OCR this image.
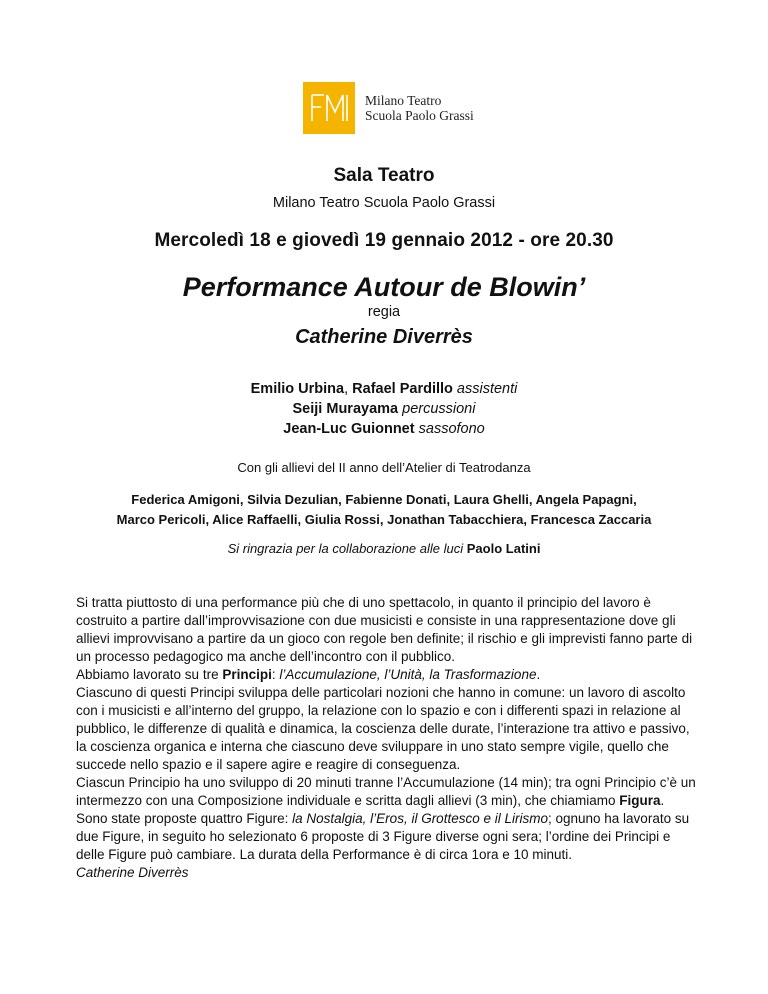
Milano Teatro
Scuola Paolo Grassi
Sala Teatro
Milano Teatro Scuola Paolo Grassi
Mercoledì 18 e giovedì 19 gennaio 2012 - ore 20.30
Performance Autour de Blowin’
regia
Catherine Diverrès
Emilio Urbina, Rafael Pardillo assistenti
Seiji Murayama percussioni
Jean-Luc Guionnet sassofono
Con gli allievi del II anno dell’Atelier di Teatrodanza
Federica Amigoni, Silvia Dezulian, Fabienne Donati, Laura Ghelli, Angela Papagni,
Marco Pericoli, Alice Raffaelli, Giulia Rossi, Jonathan Tabacchiera, Francesca Zaccaria
Si ringrazia per la collaborazione alle luci Paolo Latini

Si tratta piuttosto di una performance più che di uno spettacolo, in quanto il principio del lavoro è costruito a partire dall’improvvisazione con due musicisti e consiste in una rappresentazione dove gli allievi improvvisano a partire da un gioco con regole ben definite; il rischio e gli imprevisti fanno parte di un processo pedagogico ma anche dell’incontro con il pubblico.

Abbiamo lavorato su tre Principi: l’Accumulazione, l’Unità, la Trasformazione.

Ciascuno di questi Principi sviluppa delle particolari nozioni che hanno in comune: un lavoro di ascolto con i musicisti e all’interno del gruppo, la relazione con lo spazio e con i differenti spazi in relazione al pubblico, le differenze di qualità e dinamica, la coscienza delle durate, l’interazione tra attivo e passivo, la coscienza organica e interna che ciascuno deve sviluppare in uno stato sempre vigile, quello che succede nello spazio e il sapere agire e reagire di conseguenza.

Ciascun Principio ha uno sviluppo di 20 minuti tranne l’Accumulazione (14 min); tra ogni Principio c’è un intermezzo con una Composizione individuale e scritta dagli allievi (3 min), che chiamiamo Figura.

Sono state proposte quattro Figure: la Nostalgia, l’Eros, il Grottesco e il Lirismo; ognuno ha lavorato su due Figure, in seguito ho selezionato 6 proposte di 3 Figure diverse ogni sera; l’ordine dei Principi e delle Figure può cambiare. La durata della Performance è di circa 1ora e 10 minuti.

Catherine Diverrès
